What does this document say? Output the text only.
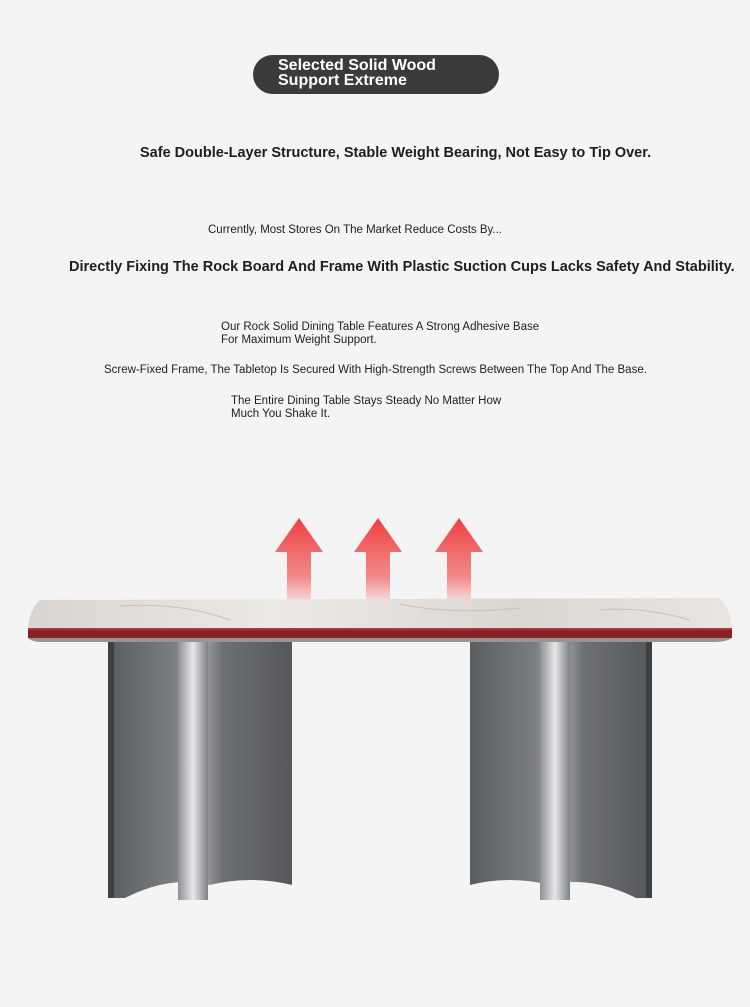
Selected Solid Wood
Support Extreme

Safe Double-Layer Structure, Stable Weight Bearing, Not Easy to Tip Over.

Currently, Most Stores On The Market Reduce Costs By...

Directly Fixing The Rock Board And Frame With Plastic Suction Cups Lacks Safety And Stability.

Our Rock Solid Dining Table Features A Strong Adhesive Base For Maximum Weight Support.

Screw-Fixed Frame, The Tabletop Is Secured With High-Strength Screws Between The Top And The Base.

The Entire Dining Table Stays Steady No Matter How Much You Shake It.
